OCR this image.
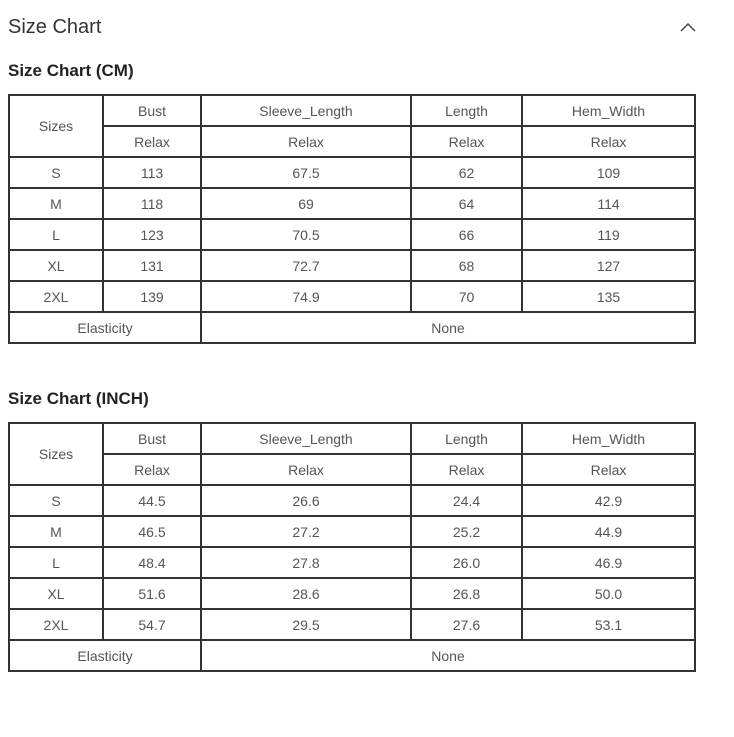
Size Chart
Size Chart (CM)
Sizes	Bust	Sleeve_Length	Length	Hem_Width
	Relax	Relax	Relax	Relax
S	113	67.5	62	109
M	118	69	64	114
L	123	70.5	66	119
XL	131	72.7	68	127
2XL	139	74.9	70	135
Elasticity		None		
Size Chart (INCH)
Sizes	Bust	Sleeve_Length	Length	Hem_Width
	Relax	Relax	Relax	Relax
S	44.5	26.6	24.4	42.9
M	46.5	27.2	25.2	44.9
L	48.4	27.8	26.0	46.9
XL	51.6	28.6	26.8	50.0
2XL	54.7	29.5	27.6	53.1
Elasticity		None		
